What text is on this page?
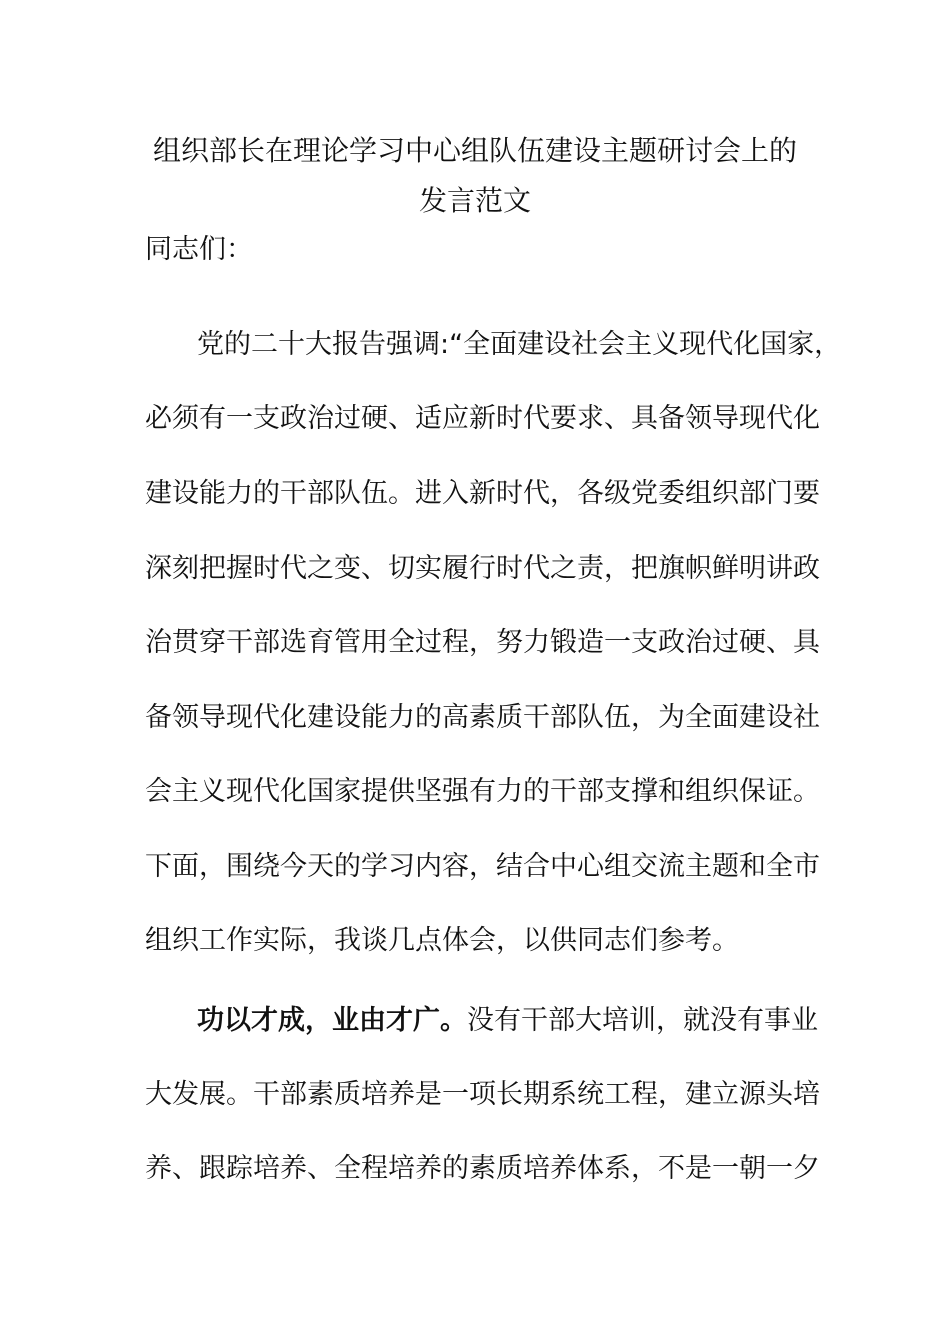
组织部长在理论学习中心组队伍建设主题研讨会上的
发言范文
同志们：
党的二十大报告强调:“全面建设社会主义现代化国家，
必须有一支政治过硬、适应新时代要求、具备领导现代化
建设能力的干部队伍。进入新时代，各级党委组织部门要
深刻把握时代之变、切实履行时代之责，把旗帜鲜明讲政
治贯穿干部选育管用全过程，努力锻造一支政治过硬、具
备领导现代化建设能力的高素质干部队伍，为全面建设社
会主义现代化国家提供坚强有力的干部支撑和组织保证。
下面，围绕今天的学习内容，结合中心组交流主题和全市
组织工作实际，我谈几点体会，以供同志们参考。
功以才成，业由才广。没有干部大培训，就没有事业
大发展。干部素质培养是一项长期系统工程，建立源头培
养、跟踪培养、全程培养的素质培养体系，不是一朝一夕
